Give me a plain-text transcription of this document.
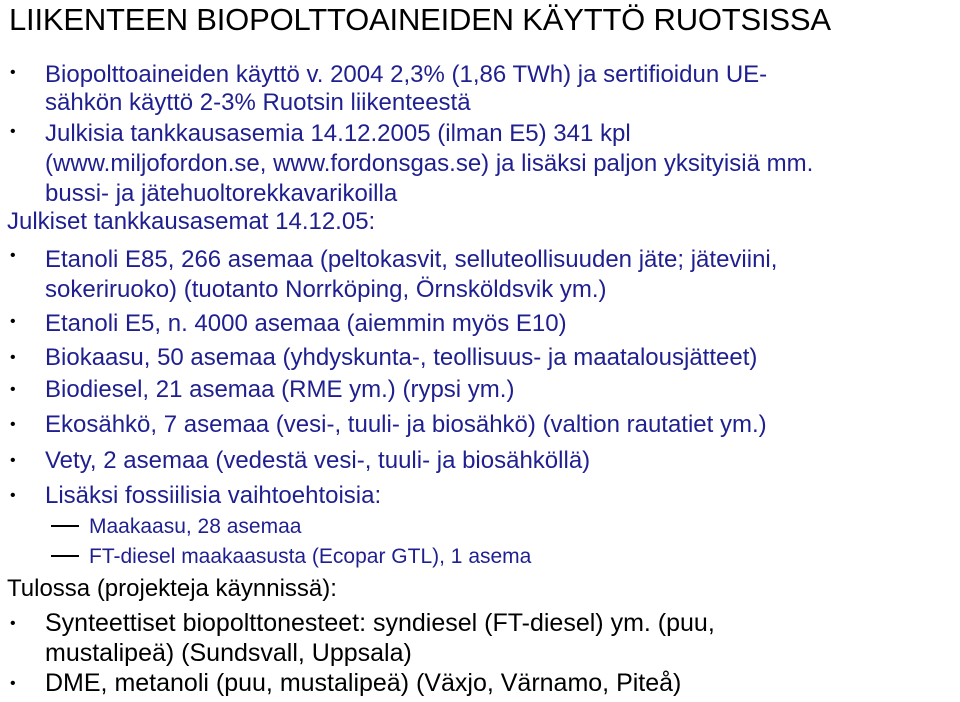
LIIKENTEEN BIOPOLTTOAINEIDEN KÄYTTÖ RUOTSISSA
• Biopolttoaineiden käyttö v. 2004 2,3% (1,86 TWh) ja sertifioidun UE-
sähkön käyttö 2-3% Ruotsin liikenteestä
• Julkisia tankkausasemia 14.12.2005 (ilman E5) 341 kpl
(www.miljofordon.se, www.fordonsgas.se) ja lisäksi paljon yksityisiä mm.
bussi- ja jätehuoltorekkavarikoilla
Julkiset tankkausasemat 14.12.05:
• Etanoli E85, 266 asemaa (peltokasvit, selluteollisuuden jäte; jäteviini,
sokeriruoko) (tuotanto Norrköping, Örnsköldsvik ym.)
• Etanoli E5, n. 4000 asemaa (aiemmin myös E10)
• Biokaasu, 50 asemaa (yhdyskunta-, teollisuus- ja maatalousjätteet)
• Biodiesel, 21 asemaa (RME ym.) (rypsi ym.)
• Ekosähkö, 7 asemaa (vesi-, tuuli- ja biosähkö) (valtion rautatiet ym.)
• Vety, 2 asemaa (vedestä vesi-, tuuli- ja biosähköllä)
• Lisäksi fossiilisia vaihtoehtoisia:
Maakaasu, 28 asemaa
FT-diesel maakaasusta (Ecopar GTL), 1 asema
Tulossa (projekteja käynnissä):
• Synteettiset biopolttonesteet: syndiesel (FT-diesel) ym. (puu,
mustalipeä) (Sundsvall, Uppsala)
• DME, metanoli (puu, mustalipeä) (Växjo, Värnamo, Piteå)
